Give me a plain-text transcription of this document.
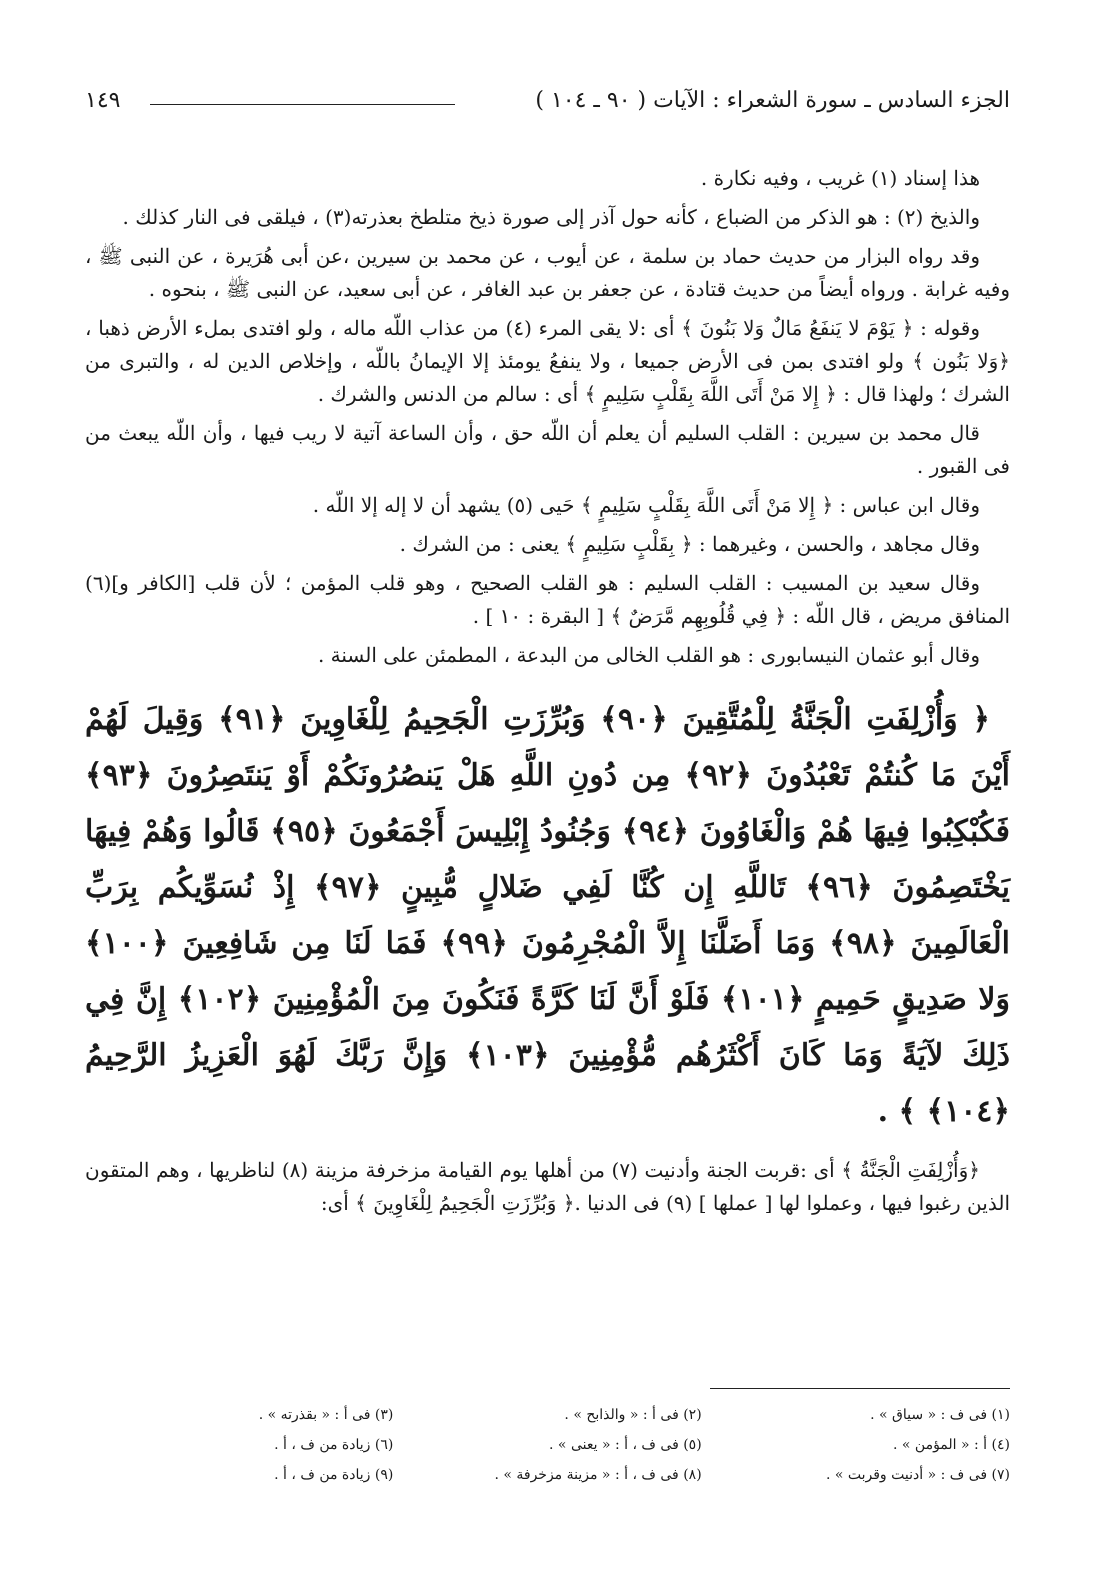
الجزء السادس ـ سورة الشعراء : الآيات ( ٩٠ ـ ١٠٤ )
١٤٩

هذا إسناد (١) غريب ، وفيه نكارة .

والذيخ (٢) : هو الذكر من الضباع ، كأنه حول آذر إلى صورة ذيخ متلطخ بعذرته(٣) ، فيلقى فى النار كذلك .

وقد رواه البزار من حديث حماد بن سلمة ، عن أيوب ، عن محمد بن سيرين ،عن أبى هُرَيرة ، عن النبى ﷺ ، وفيه غرابة . ورواه أيضاً من حديث قتادة ، عن جعفر بن عبد الغافر ، عن أبى سعيد، عن النبى ﷺ ، بنحوه .

وقوله : ﴿ يَوْمَ لا يَنفَعُ مَالٌ وَلا بَنُونَ ﴾ أى :لا يقى المرء (٤) من عذاب اللّه ماله ، ولو افتدى بملء الأرض ذهبا ،﴿وَلا بَنُون ﴾ ولو افتدى بمن فى الأرض جميعا ، ولا ينفعُ يومئذ إلا الإيمانُ باللّه ، وإخلاص الدين له ، والتبرى من الشرك ؛ ولهذا قال : ﴿ إِلا مَنْ أَتَى اللَّهَ بِقَلْبٍ سَلِيمٍ ﴾ أى : سالم من الدنس والشرك .

قال محمد بن سيرين : القلب السليم أن يعلم أن اللّه حق ، وأن الساعة آتية لا ريب فيها ، وأن اللّه يبعث من فى القبور .

وقال ابن عباس : ﴿ إِلا مَنْ أَتَى اللَّهَ بِقَلْبٍ سَلِيمٍ ﴾ حَيى (٥) يشهد أن لا إله إلا اللّه .

وقال مجاهد ، والحسن ، وغيرهما : ﴿ بِقَلْبٍ سَلِيمٍ ﴾ يعنى : من الشرك .

وقال سعيد بن المسيب : القلب السليم : هو القلب الصحيح ، وهو قلب المؤمن ؛ لأن قلب [الكافر و](٦) المنافق مريض ، قال اللّه : ﴿ فِي قُلُوبِهِم مَّرَضٌ ﴾ [ البقرة : ١٠ ] .

وقال أبو عثمان النيسابورى : هو القلب الخالى من البدعة ، المطمئن على السنة .

﴿ وَأُزْلِفَتِ الْجَنَّةُ لِلْمُتَّقِينَ ﴿٩٠﴾ وَبُرِّزَتِ الْجَحِيمُ لِلْغَاوِينَ ﴿٩١﴾ وَقِيلَ لَهُمْ أَيْنَ مَا كُنتُمْ تَعْبُدُونَ ﴿٩٢﴾ مِن دُونِ اللَّهِ هَلْ يَنصُرُونَكُمْ أَوْ يَنتَصِرُونَ ﴿٩٣﴾ فَكُبْكِبُوا فِيهَا هُمْ وَالْغَاوُونَ ﴿٩٤﴾ وَجُنُودُ إِبْلِيسَ أَجْمَعُونَ ﴿٩٥﴾ قَالُوا وَهُمْ فِيهَا يَخْتَصِمُونَ ﴿٩٦﴾ تَاللَّهِ إِن كُنَّا لَفِي ضَلالٍ مُّبِينٍ ﴿٩٧﴾ إِذْ نُسَوِّيكُم بِرَبِّ الْعَالَمِينَ ﴿٩٨﴾ وَمَا أَضَلَّنَا إِلاَّ الْمُجْرِمُونَ ﴿٩٩﴾ فَمَا لَنَا مِن شَافِعِينَ ﴿١٠٠﴾ وَلا صَدِيقٍ حَمِيمٍ ﴿١٠١﴾ فَلَوْ أَنَّ لَنَا كَرَّةً فَنَكُونَ مِنَ الْمُؤْمِنِينَ ﴿١٠٢﴾ إِنَّ فِي ذَلِكَ لآيَةً وَمَا كَانَ أَكْثَرُهُم مُّؤْمِنِينَ ﴿١٠٣﴾ وَإِنَّ رَبَّكَ لَهُوَ الْعَزِيزُ الرَّحِيمُ ﴿١٠٤﴾ ﴾ .

﴿وَأُزْلِفَتِ الْجَنَّةُ ﴾ أى :قربت الجنة وأدنيت (٧) من أهلها يوم القيامة مزخرفة مزينة (٨) لناظريها ، وهم المتقون الذين رغبوا فيها ، وعملوا لها [ عملها ] (٩) فى الدنيا .﴿ وَبُرِّزَتِ الْجَحِيمُ لِلْغَاوِينَ ﴾ أى:

(١) فى ف : « سياق » .
(٢) فى أ : « والذابح » .
(٣) فى أ : « بقذرته » .
(٤) أ : « المؤمن » .
(٥) فى ف ، أ : « يعنى » .
(٦) زيادة من ف ، أ .
(٧) فى ف : « أدنيت وقربت » .
(٨) فى ف ، أ : « مزينة مزخرفة » .
(٩) زيادة من ف ، أ .
